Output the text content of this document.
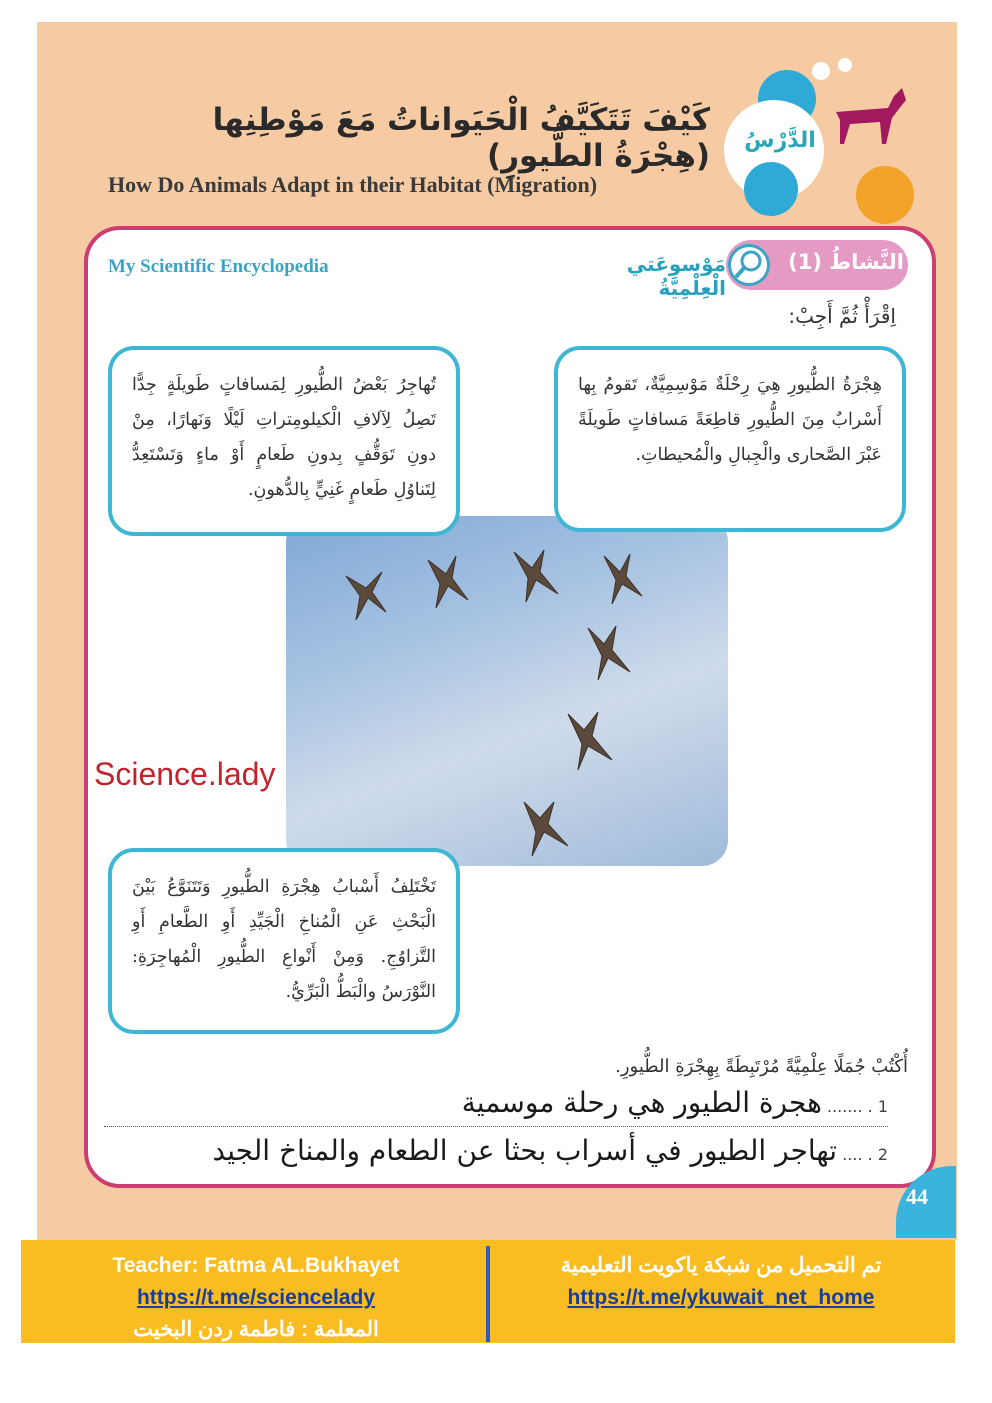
الدَّرْسُ
كَيْفَ تَتَكَيَّفُ الْحَيَواناتُ مَعَ مَوْطِنِها (هِجْرَةُ الطُّيورِ)
How Do Animals Adapt in their Habitat (Migration)
My Scientific Encyclopedia	النَّشاطُ (1)
مَوْسوعَتي الْعِلْمِيَّةُ
اِقْرَأْ ثُمَّ أَجِبْ:
هِجْرَةُ الطُّيورِ هِيَ رِحْلَةٌ مَوْسِمِيَّةٌ، تَقومُ بِها أَسْرابٌ مِنَ الطُّيورِ قاطِعَةً مَسافاتٍ طَويلَةً عَبْرَ الصَّحارى والْجِبالِ والْمُحيطاتِ.
تُهاجِرُ بَعْضُ الطُّيورِ لِمَسافاتٍ طَويلَةٍ جِدًّا تَصِلُ لِآلافِ الْكيلومِتراتِ لَيْلًا وَنَهارًا، مِنْ دونِ تَوَقُّفٍ بِدونِ طَعامٍ أَوْ ماءٍ وَتَسْتَعِدُّ لِتَناوُلِ طَعامٍ غَنِيٍّ بِالدُّهونِ.
تَخْتَلِفُ أَسْبابُ هِجْرَةِ الطُّيورِ وَتَتَنَوَّعُ بَيْنَ الْبَحْثِ عَنِ الْمُناخِ الْجَيِّدِ أَوِ الطَّعامِ أَوِ التَّزاوُجِ. وَمِنْ أَنْواعِ الطُّيورِ الْمُهاجِرَةِ: النَّوْرَسُ والْبَطُّ الْبَرِّيُّ.
Science.lady
أُكْتُبْ جُمَلًا عِلْمِيَّةً مُرْتَبِطَةً بِهِجْرَةِ الطُّيورِ.
1 . ....... هجرة الطيور هي رحلة موسمية
2 . .... تهاجر الطيور في أسراب بحثا عن الطعام والمناخ الجيد
44
Teacher: Fatma AL.Bukhayet
https://t.me/sciencelady
المعلمة : فاطمة ردن البخيت
تم التحميل من شبكة ياكويت التعليمية
https://t.me/ykuwait_net_home
